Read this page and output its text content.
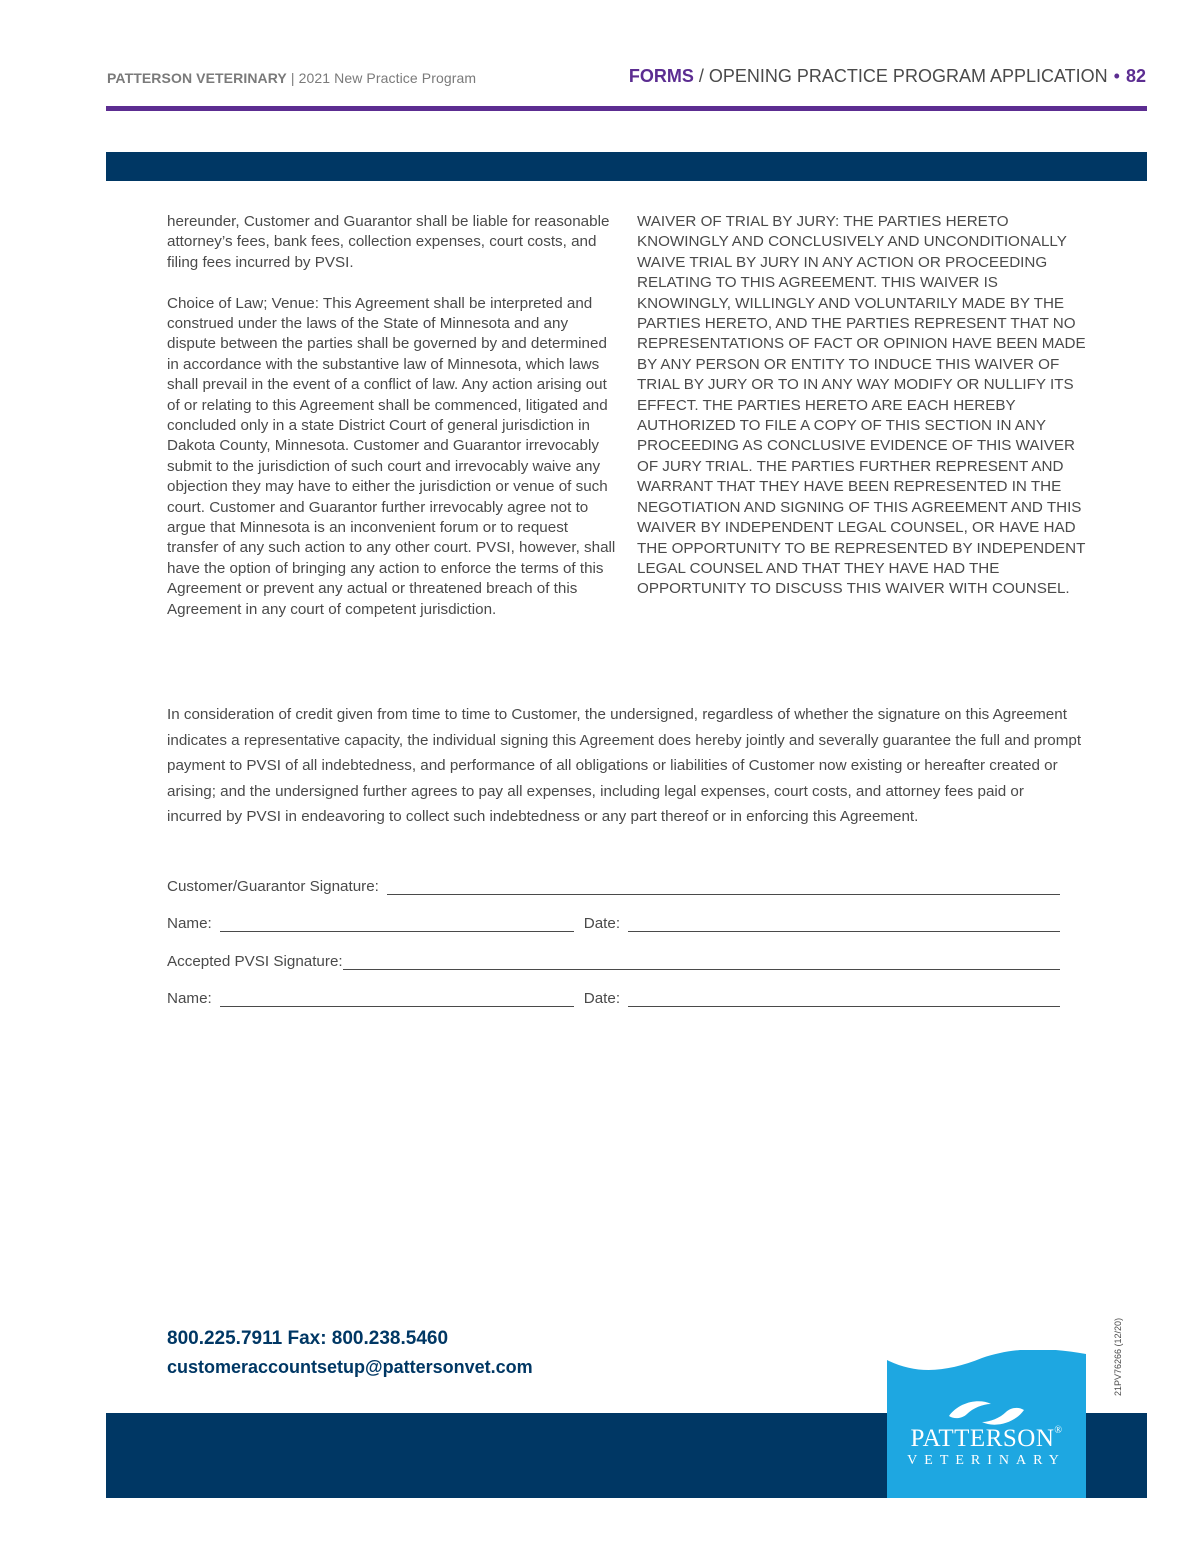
PATTERSON VETERINARY | 2021 New Practice Program	FORMS / OPENING PRACTICE PROGRAM APPLICATION • 82

hereunder, Customer and Guarantor shall be liable for reasonable attorney’s fees, bank fees, collection expenses, court costs, and filing fees incurred by PVSI.

Choice of Law; Venue: This Agreement shall be interpreted and construed under the laws of the State of Minnesota and any dispute between the parties shall be governed by and determined in accordance with the substantive law of Minnesota, which laws shall prevail in the event of a conflict of law. Any action arising out of or relating to this Agreement shall be commenced, litigated and concluded only in a state District Court of general jurisdiction in Dakota County, Minnesota. Customer and Guarantor irrevocably submit to the jurisdiction of such court and irrevocably waive any objection they may have to either the jurisdiction or venue of such court. Customer and Guarantor further irrevocably agree not to argue that Minnesota is an inconvenient forum or to request transfer of any such action to any other court. PVSI, however, shall have the option of bringing any action to enforce the terms of this Agreement or prevent any actual or threatened breach of this Agreement in any court of competent jurisdiction.

WAIVER OF TRIAL BY JURY: THE PARTIES HERETO KNOWINGLY AND CONCLUSIVELY AND UNCONDITIONALLY WAIVE TRIAL BY JURY IN ANY ACTION OR PROCEEDING RELATING TO THIS AGREEMENT. THIS WAIVER IS KNOWINGLY, WILLINGLY AND VOLUNTARILY MADE BY THE PARTIES HERETO, AND THE PARTIES REPRESENT THAT NO REPRESENTATIONS OF FACT OR OPINION HAVE BEEN MADE BY ANY PERSON OR ENTITY TO INDUCE THIS WAIVER OF TRIAL BY JURY OR TO IN ANY WAY MODIFY OR NULLIFY ITS EFFECT. THE PARTIES HERETO ARE EACH HEREBY AUTHORIZED TO FILE A COPY OF THIS SECTION IN ANY PROCEEDING AS CONCLUSIVE EVIDENCE OF THIS WAIVER OF JURY TRIAL. THE PARTIES FURTHER REPRESENT AND WARRANT THAT THEY HAVE BEEN REPRESENTED IN THE NEGOTIATION AND SIGNING OF THIS AGREEMENT AND THIS WAIVER BY INDEPENDENT LEGAL COUNSEL, OR HAVE HAD THE OPPORTUNITY TO BE REPRESENTED BY INDEPENDENT LEGAL COUNSEL AND THAT THEY HAVE HAD THE OPPORTUNITY TO DISCUSS THIS WAIVER WITH COUNSEL.

In consideration of credit given from time to time to Customer, the undersigned, regardless of whether the signature on this Agreement indicates a representative capacity, the individual signing this Agreement does hereby jointly and severally guarantee the full and prompt payment to PVSI of all indebtedness, and performance of all obligations or liabilities of Customer now existing or hereafter created or arising; and the undersigned further agrees to pay all expenses, including legal expenses, court costs, and attorney fees paid or incurred by PVSI in endeavoring to collect such indebtedness or any part thereof or in enforcing this Agreement.
Customer/Guarantor Signature:
Name:	Date:
Accepted PVSI Signature:
Name:	Date:
800.225.7911 Fax: 800.238.5460
customeraccountsetup@pattersonvet.com
PATTERSON®
VETERINARY
21PV76266 (12/20)
